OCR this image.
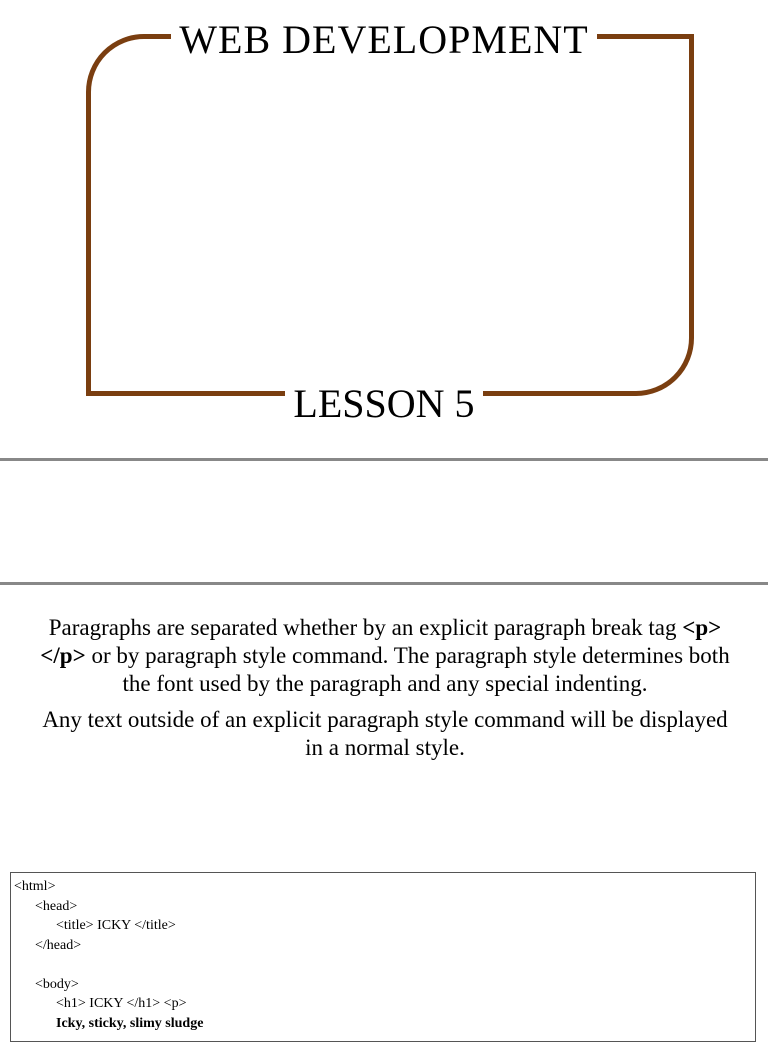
WEB DEVELOPMENT
LESSON 5

Paragraphs are separated whether by an explicit paragraph break tag <p> </p> or by paragraph style command. The paragraph style determines both the font used by the paragraph and any special indenting.

Any text outside of an explicit paragraph style command will be displayed in a normal style.

<html>
<head>
<title> ICKY </title>
</head>

<body>
<h1> ICKY </h1> <p>
Icky, sticky, slimy sludge
